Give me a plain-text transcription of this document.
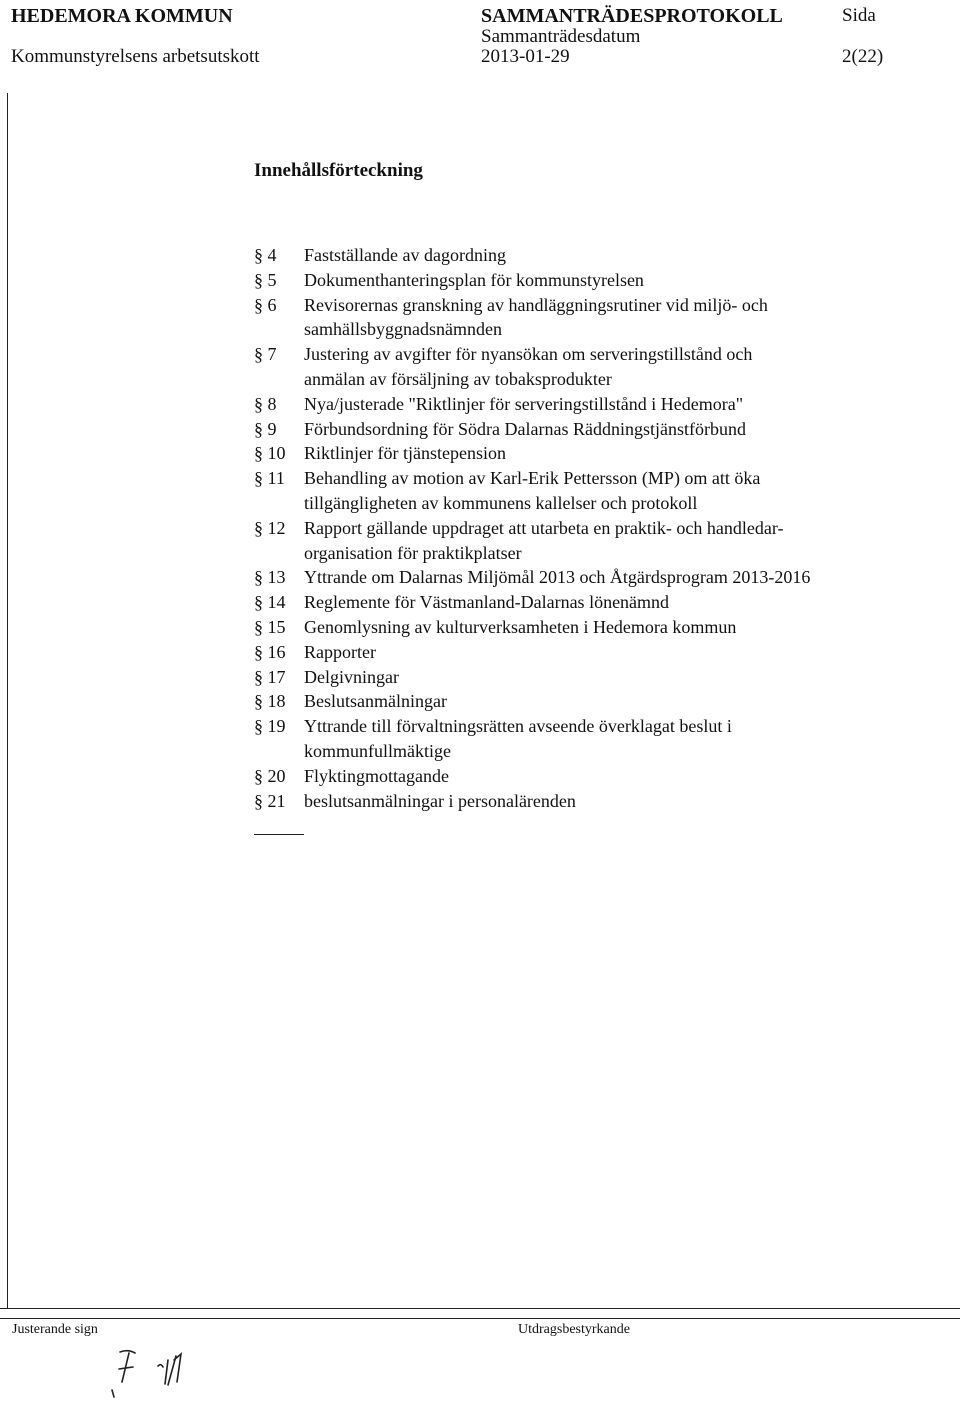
HEDEMORA KOMMUN
Kommunstyrelsens arbetsutskott
SAMMANTRÄDESPROTOKOLL
Sammanträdesdatum
2013-01-29
Sida
2(22)
Innehållsförteckning
§ 4 Fastställande av dagordning
§ 5 Dokumenthanteringsplan för kommunstyrelsen
§ 6 Revisorernas granskning av handläggningsrutiner vid miljö- och
samhällsbyggnadsnämnden
§ 7 Justering av avgifter för nyansökan om serveringstillstånd och
anmälan av försäljning av tobaksprodukter
§ 8 Nya/justerade "Riktlinjer för serveringstillstånd i Hedemora"
§ 9 Förbundsordning för Södra Dalarnas Räddningstjänstförbund
§ 10 Riktlinjer för tjänstepension
§ 11 Behandling av motion av Karl-Erik Pettersson (MP) om att öka
tillgängligheten av kommunens kallelser och protokoll
§ 12 Rapport gällande uppdraget att utarbeta en praktik- och handledar-
organisation för praktikplatser
§ 13 Yttrande om Dalarnas Miljömål 2013 och Åtgärdsprogram 2013-2016
§ 14 Reglemente för Västmanland-Dalarnas lönenämnd
§ 15 Genomlysning av kulturverksamheten i Hedemora kommun
§ 16 Rapporter
§ 17 Delgivningar
§ 18 Beslutsanmälningar
§ 19 Yttrande till förvaltningsrätten avseende överklagat beslut i
kommunfullmäktige
§ 20 Flyktingmottagande
§ 21 beslutsanmälningar i personalärenden
Justerande sign	Utdragsbestyrkande
